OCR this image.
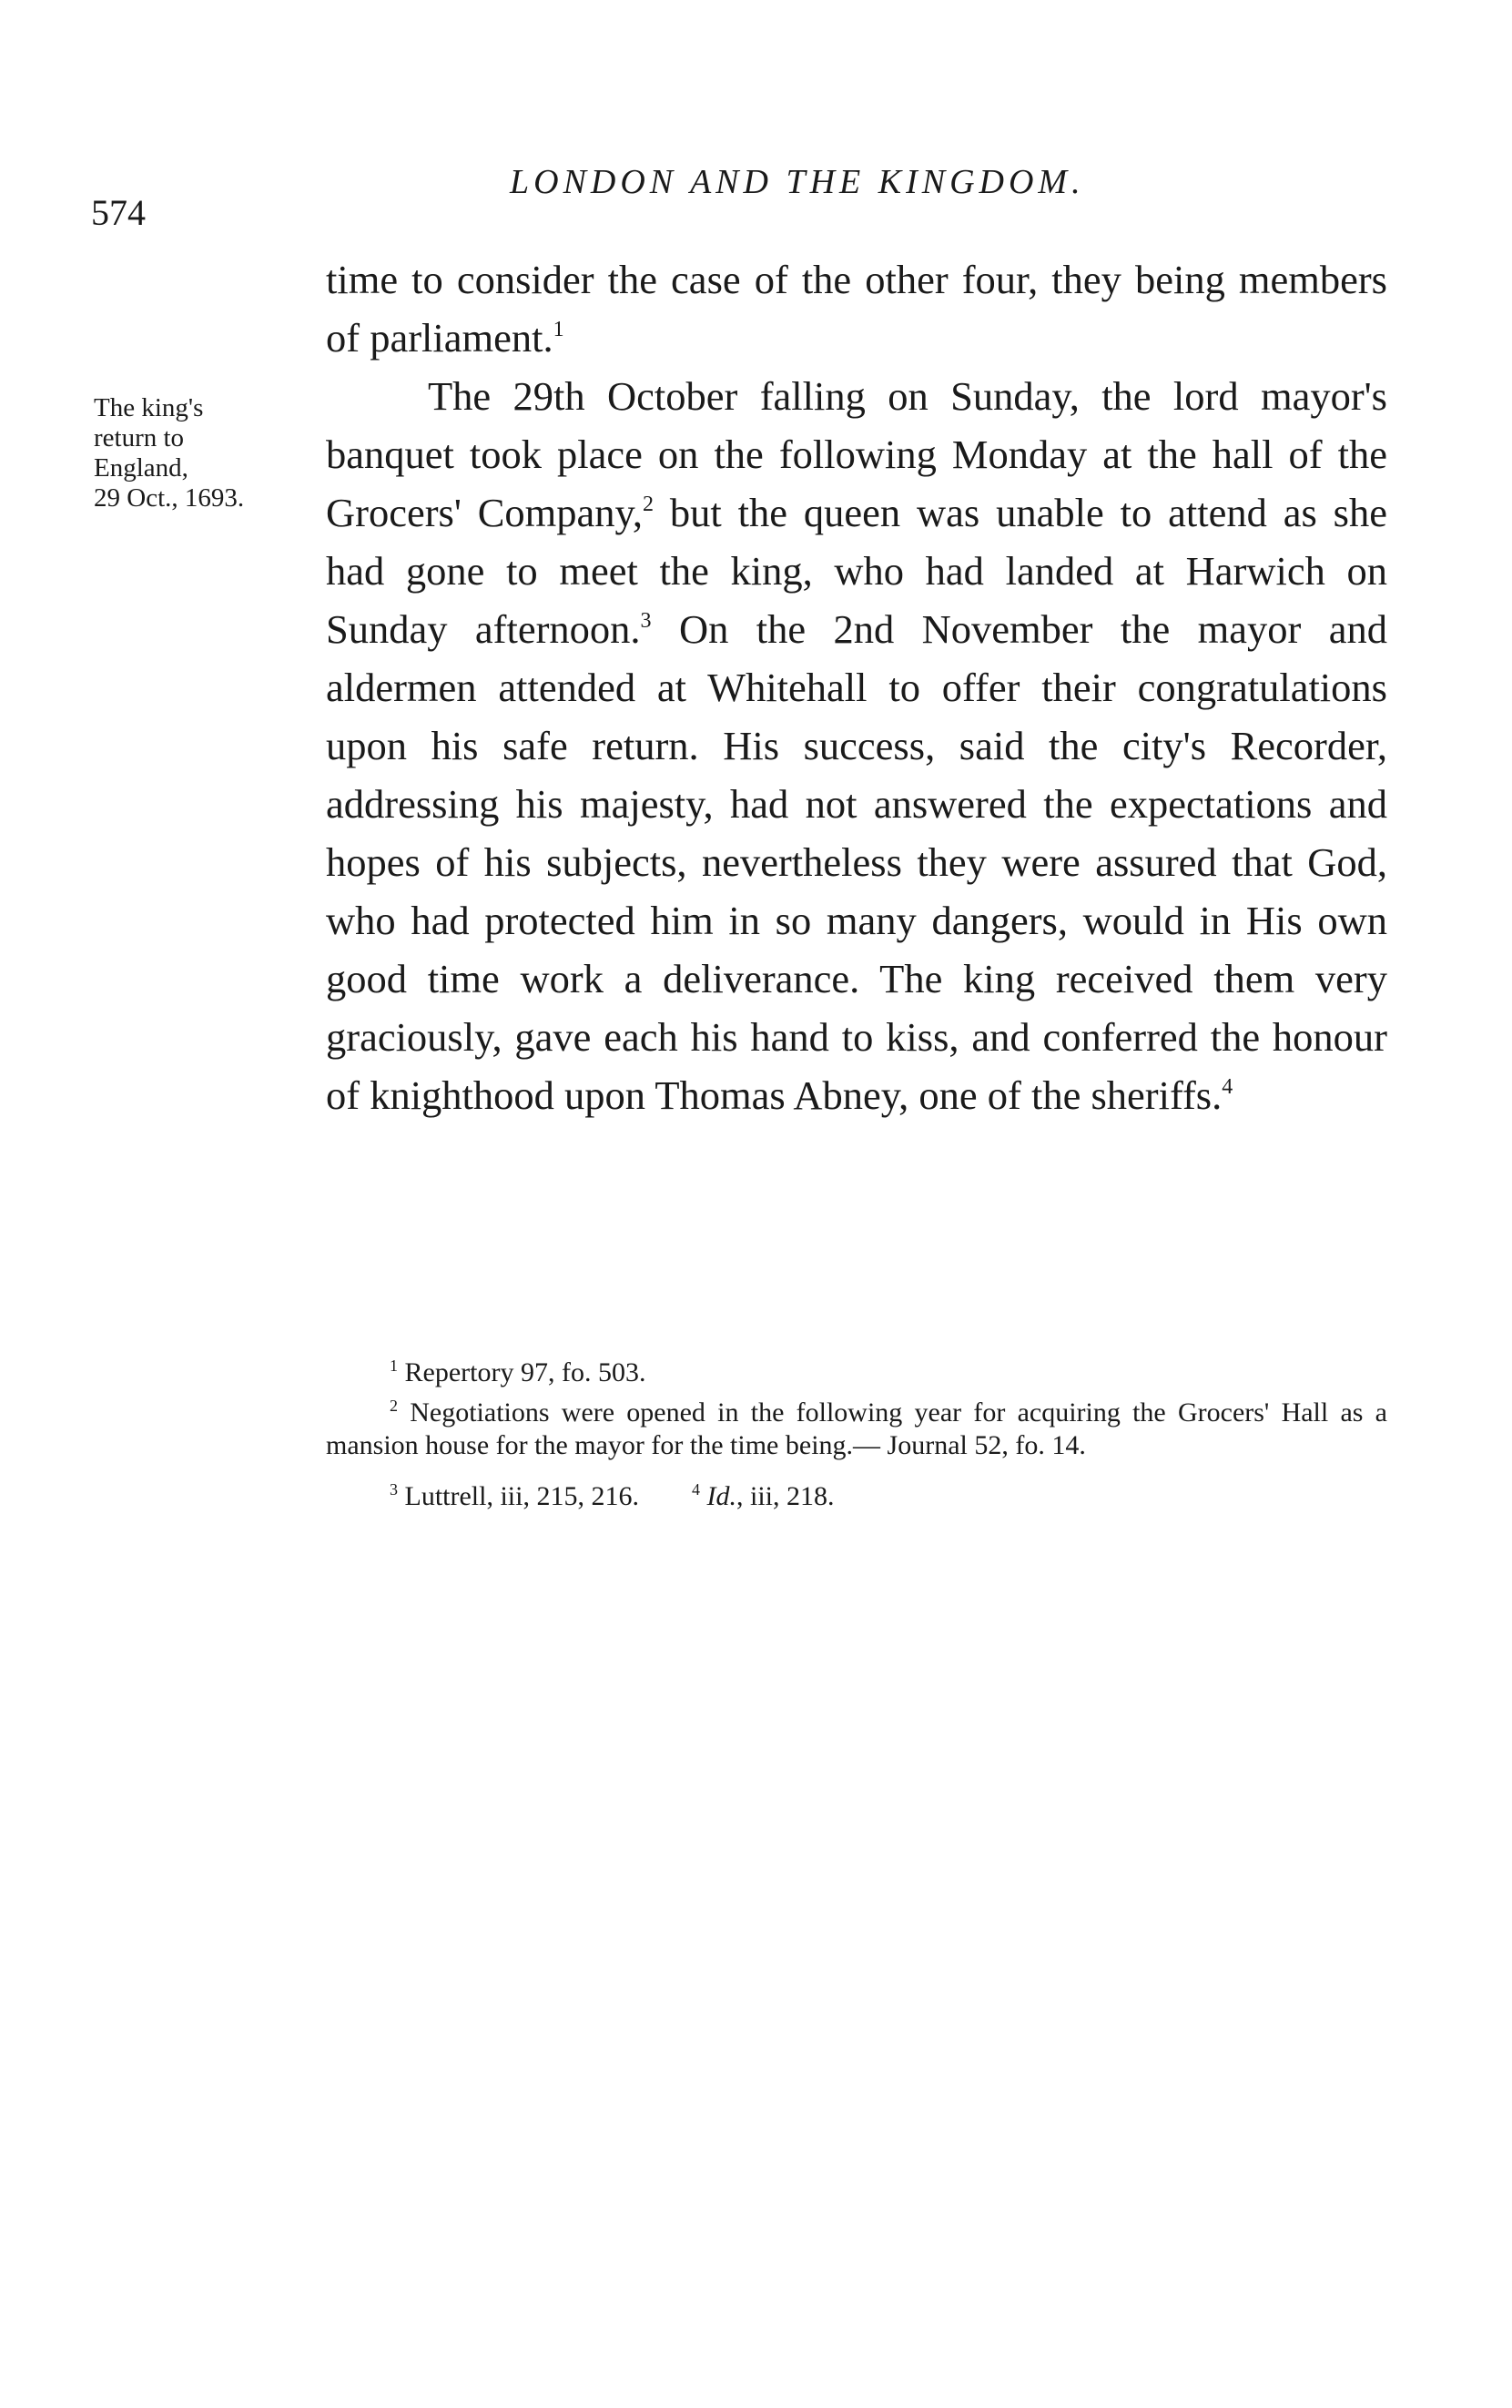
574
LONDON AND THE KINGDOM.
The king's
return to
England,
29 Oct., 1693.

time to consider the case of the other four, they being members of parliament.$^1$

The 29th October falling on Sunday, the lord mayor's banquet took place on the following Monday at the hall of the Grocers' Company,$^2$ but the queen was unable to attend as she had gone to meet the king, who had landed at Harwich on Sunday afternoon.$^3$ On the 2nd November the mayor and aldermen attended at Whitehall to offer their congratulations upon his safe return. His success, said the city's Recorder, addressing his majesty, had not answered the expectations and hopes of his subjects, nevertheless they were assured that God, who had protected him in so many dangers, would in His own good time work a deliverance. The king received them very graciously, gave each his hand to kiss, and conferred the honour of knighthood upon Thomas Abney, one of the sheriffs.$^4$

$^1$ Repertory 97, fo. 503.
$^2$ Negotiations were opened in the following year for acquiring the Grocers' Hall as a mansion house for the mayor for the time being.— Journal 52, fo. 14.
$^3$ Luttrell, iii, 215, 216.	$^4$ Id., iii, 218.
